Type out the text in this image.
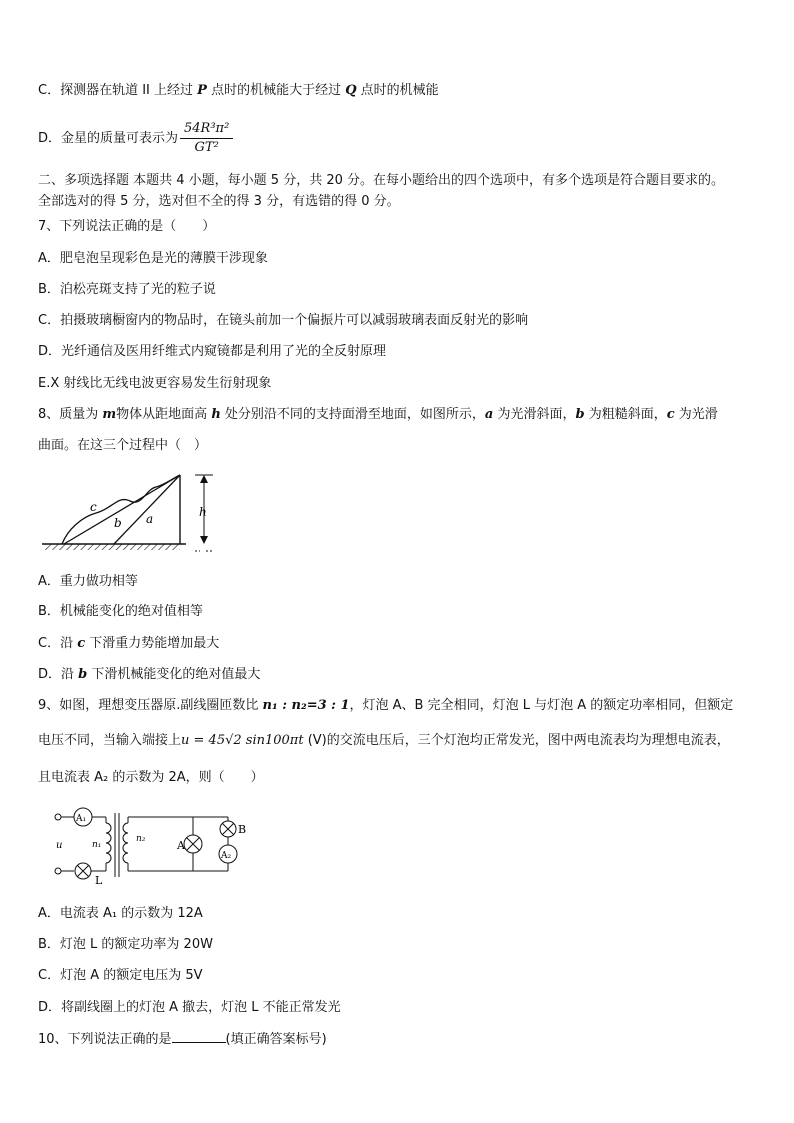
C．探测器在轨道 II 上经过 P 点时的机械能大于经过 Q 点时的机械能
D．金星的质量可表示为 $\frac{\text{54R³π²}}{\text{GT²}}$
二、多项选择题 本题共 4 小题，每小题 5 分，共 20 分。在每小题给出的四个选项中，有多个选项是符合题目要求的。
全部选对的得 5 分，选对但不全的得 3 分，有选错的得 0 分。
7、下列说法正确的是（　　）
A．肥皂泡呈现彩色是光的薄膜干涉现象
B．泊松亮斑支持了光的粒子说
C．拍摄玻璃橱窗内的物品时，在镜头前加一个偏振片可以减弱玻璃表面反射光的影响
D．光纤通信及医用纤维式内窥镜都是利用了光的全反射原理
E.X 射线比无线电波更容易发生衍射现象
8、质量为 m物体从距地面高 h 处分别沿不同的支持面滑至地面，如图所示，a 为光滑斜面，b 为粗糙斜面，c 为光滑
曲面。在这三个过程中（　）
c
b a	h
A．重力做功相等
B．机械能变化的绝对值相等
C．沿 c 下滑重力势能增加最大
D．沿 b 下滑机械能变化的绝对值最大
9、如图，理想变压器原.副线圈匝数比 n₁ : n₂=3 : 1，灯泡 A、B 完全相同，灯泡 L 与灯泡 A 的额定功率相同，但额定
电压不同，当输入端接上u = 45√2 sin100πt (V)的交流电压后，三个灯泡均正常发光，图中两电流表均为理想电流表，
且电流表 A₂ 的示数为 2A，则（　　）
A₁
A₂
u	n₁
n₂	A
B
L
A．电流表 A₁ 的示数为 12A
B．灯泡 L 的额定功率为 20W
C．灯泡 A 的额定电压为 5V
D．将副线圈上的灯泡 A 撤去，灯泡 L 不能正常发光
10、下列说法正确的是	(填正确答案标号)
